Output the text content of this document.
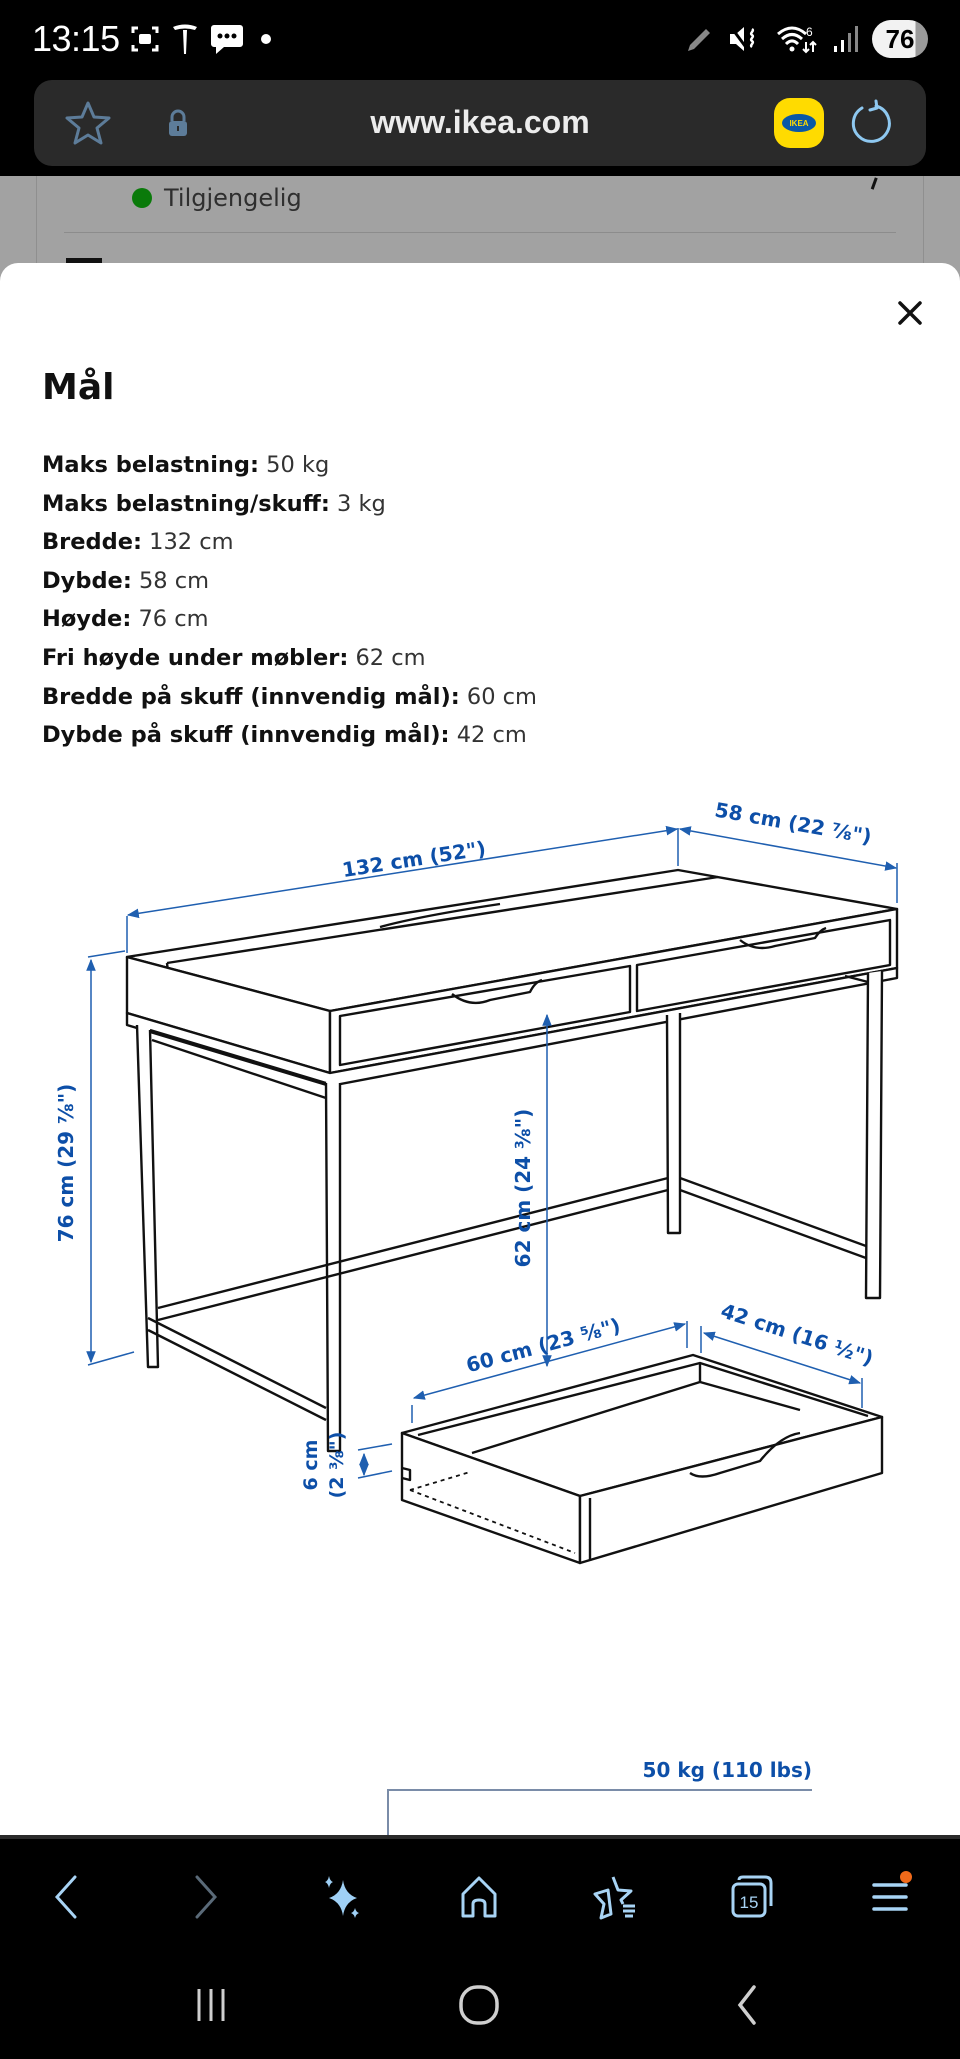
13:15	6	76
www.ikea.com	IKEA
Tilgjengelig
Mål
Maks belastning: 50 kg
Maks belastning/skuff: 3 kg
Bredde: 132 cm
Dybde: 58 cm
Høyde: 76 cm
Fri høyde under møbler: 62 cm
Bredde på skuff (innvendig mål): 60 cm
Dybde på skuff (innvendig mål): 42 cm
132 cm (52")
58 cm (22 ⅞")
76 cm (29 ⅞")	62 cm (24 ⅜")
60 cm (23 ⅝")	42 cm (16 ½")
6 cm (2 ⅜")
50 kg (110 lbs)
15
